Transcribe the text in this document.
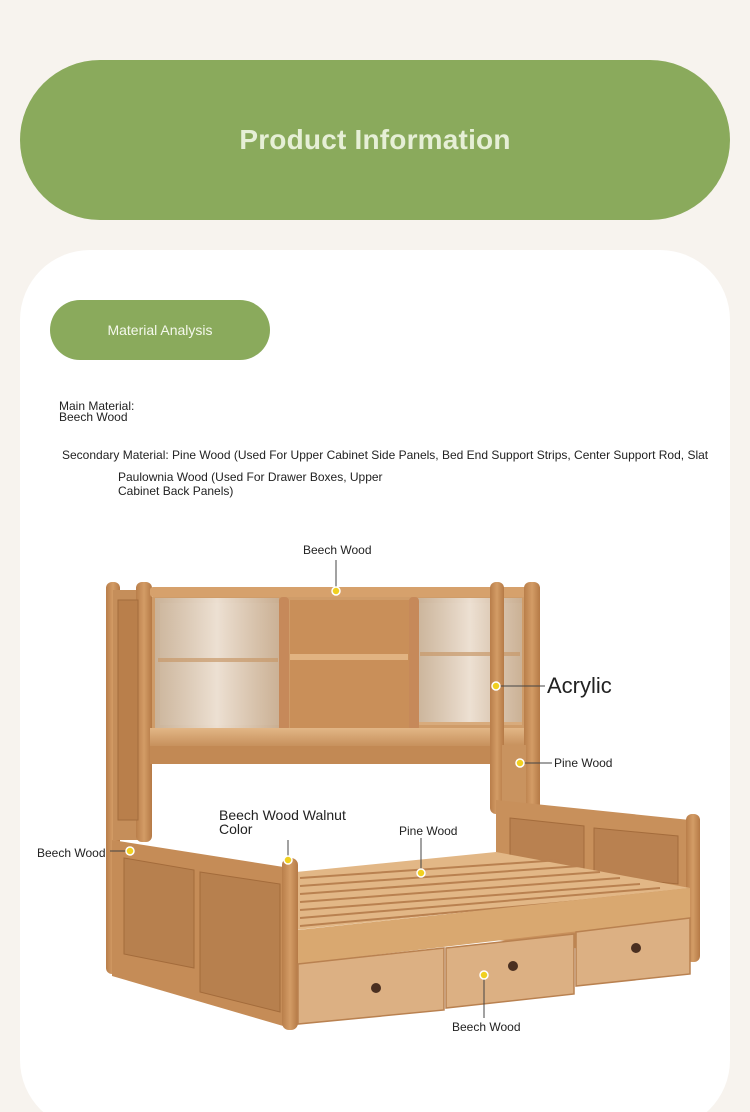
Product Information
Material Analysis
Main Material:
Beech Wood
Secondary Material: Pine Wood (Used For Upper Cabinet Side Panels, Bed End Support Strips, Center Support Rod, Slat
Paulownia Wood (Used For Drawer Boxes, Upper Cabinet Back Panels)
Beech Wood
Acrylic
Pine Wood
Beech Wood Walnut Color	Pine Wood
Beech Wood
Beech Wood
